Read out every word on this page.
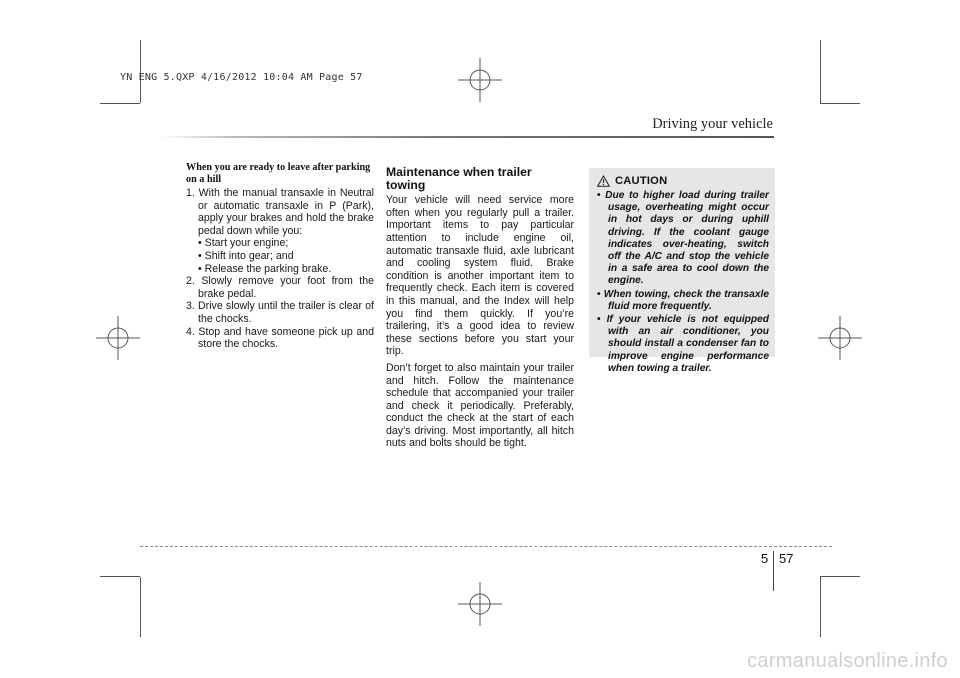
YN ENG 5.QXP 4/16/2012 10:04 AM Page 57
Driving your vehicle

When you are ready to leave after parking on a hill

1. With the manual transaxle in Neutral or automatic transaxle in P (Park), apply your brakes and hold the brake pedal down while you:
• Start your engine;
• Shift into gear; and
• Release the parking brake.
2. Slowly remove your foot from the brake pedal.
3. Drive slowly until the trailer is clear of the chocks.
4. Stop and have someone pick up and store the chocks.
Maintenance when trailer towing

Your vehicle will need service more often when you regularly pull a trailer. Important items to pay particular attention to include engine oil, automatic transaxle fluid, axle lubricant and cooling system fluid. Brake condition is another important item to frequently check. Each item is covered in this manual, and the Index will help you find them quickly. If you’re trailering, it’s a good idea to review these sections before you start your trip.

Don’t forget to also maintain your trailer and hitch. Follow the maintenance schedule that accompanied your trailer and check it periodically. Preferably, conduct the check at the start of each day’s driving. Most importantly, all hitch nuts and bolts should be tight.

CAUTION
• Due to higher load during trailer usage, overheating might occur in hot days or during uphill driving. If the coolant gauge indicates over-heating, switch off the A/C and stop the vehicle in a safe area to cool down the engine.
• When towing, check the transaxle fluid more frequently.
• If your vehicle is not equipped with an air conditioner, you should install a condenser fan to improve engine performance when towing a trailer.
5 57
carmanualsonline.info
